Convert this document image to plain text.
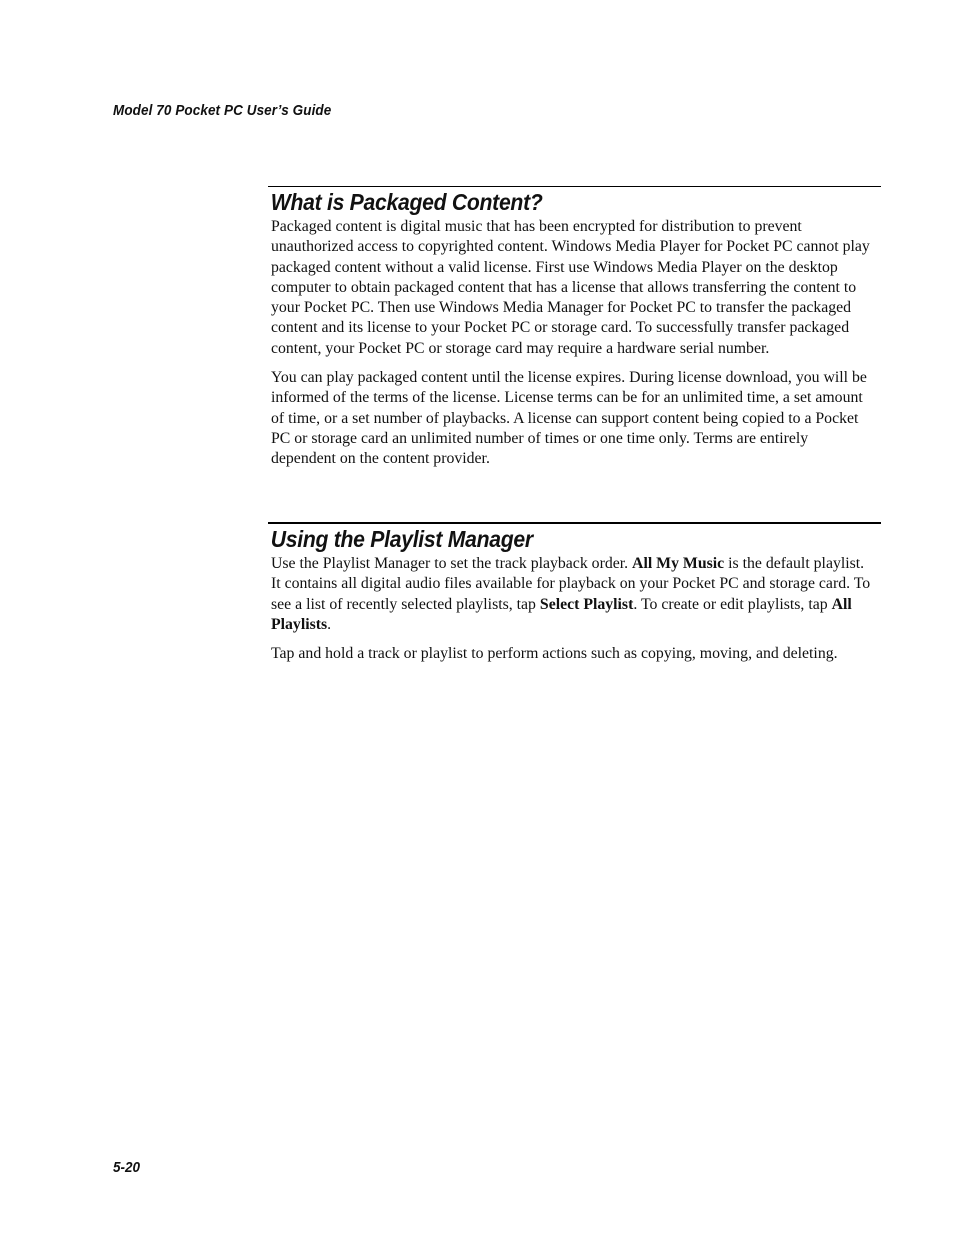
Model 70 Pocket PC User’s Guide
What is Packaged Content?

Packaged content is digital music that has been encrypted for distribution to prevent unauthorized access to copyrighted content. Windows Media Player for Pocket PC cannot play packaged content without a valid license. First use Windows Media Player on the desktop computer to obtain packaged content that has a license that allows transferring the content to your Pocket PC. Then use Windows Media Manager for Pocket PC to transfer the packaged content and its license to your Pocket PC or storage card. To successfully transfer packaged content, your Pocket PC or storage card may require a hardware serial number.

You can play packaged content until the license expires. During license download, you will be informed of the terms of the license. License terms can be for an unlimited time, a set amount of time, or a set number of playbacks. A license can support content being copied to a Pocket PC or storage card an unlimited number of times or one time only. Terms are entirely dependent on the content provider.

Using the Playlist Manager

Use the Playlist Manager to set the track playback order. All My Music is the default playlist. It contains all digital audio files available for playback on your Pocket PC and storage card. To see a list of recently selected playlists, tap Select Playlist. To create or edit playlists, tap All Playlists.

Tap and hold a track or playlist to perform actions such as copying, moving, and deleting.

5-20
